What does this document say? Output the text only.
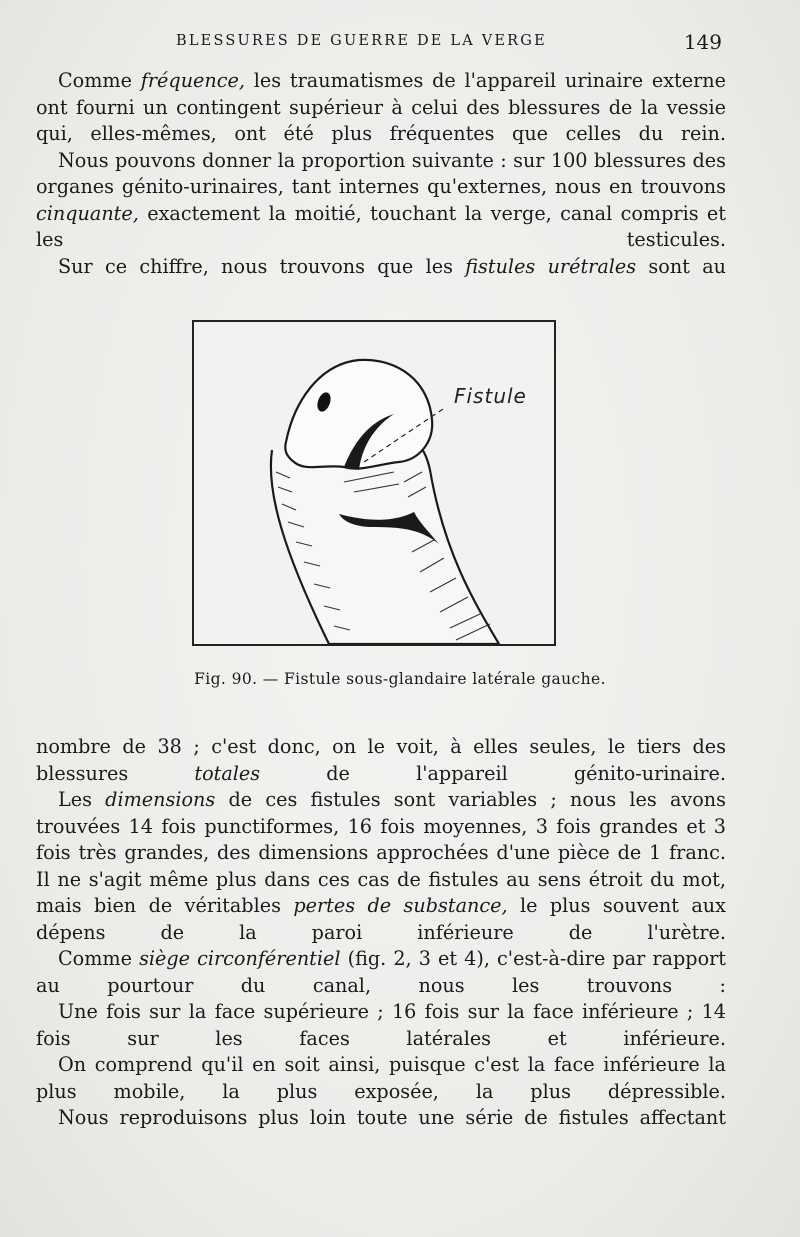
BLESSURES DE GUERRE DE LA VERGE	149

Comme fréquence, les traumatismes de l'appareil urinaire externe ont fourni un contingent supérieur à celui des blessures de la vessie qui, elles-mêmes, ont été plus fréquentes que celles du rein.

Nous pouvons donner la proportion suivante : sur 100 blessures des organes génito-urinaires, tant internes qu'externes, nous en trouvons cinquante, exactement la moitié, touchant la verge, canal compris et les testicules.

Sur ce chiffre, nous trouvons que les fistules urétrales sont au

Fistule
Fig. 90. — Fistule sous-glandaire latérale gauche.

nombre de 38 ; c'est donc, on le voit, à elles seules, le tiers des blessures totales de l'appareil génito-urinaire.

Les dimensions de ces fistules sont variables ; nous les avons trouvées 14 fois punctiformes, 16 fois moyennes, 3 fois grandes et 3 fois très grandes, des dimensions approchées d'une pièce de 1 franc. Il ne s'agit même plus dans ces cas de fistules au sens étroit du mot, mais bien de véritables pertes de substance, le plus souvent aux dépens de la paroi inférieure de l'urètre.

Comme siège circonférentiel (fig. 2, 3 et 4), c'est-à-dire par rapport au pourtour du canal, nous les trouvons :

Une fois sur la face supérieure ; 16 fois sur la face inférieure ; 14 fois sur les faces latérales et inférieure.

On comprend qu'il en soit ainsi, puisque c'est la face inférieure la plus mobile, la plus exposée, la plus dépressible.

Nous reproduisons plus loin toute une série de fistules affectant
